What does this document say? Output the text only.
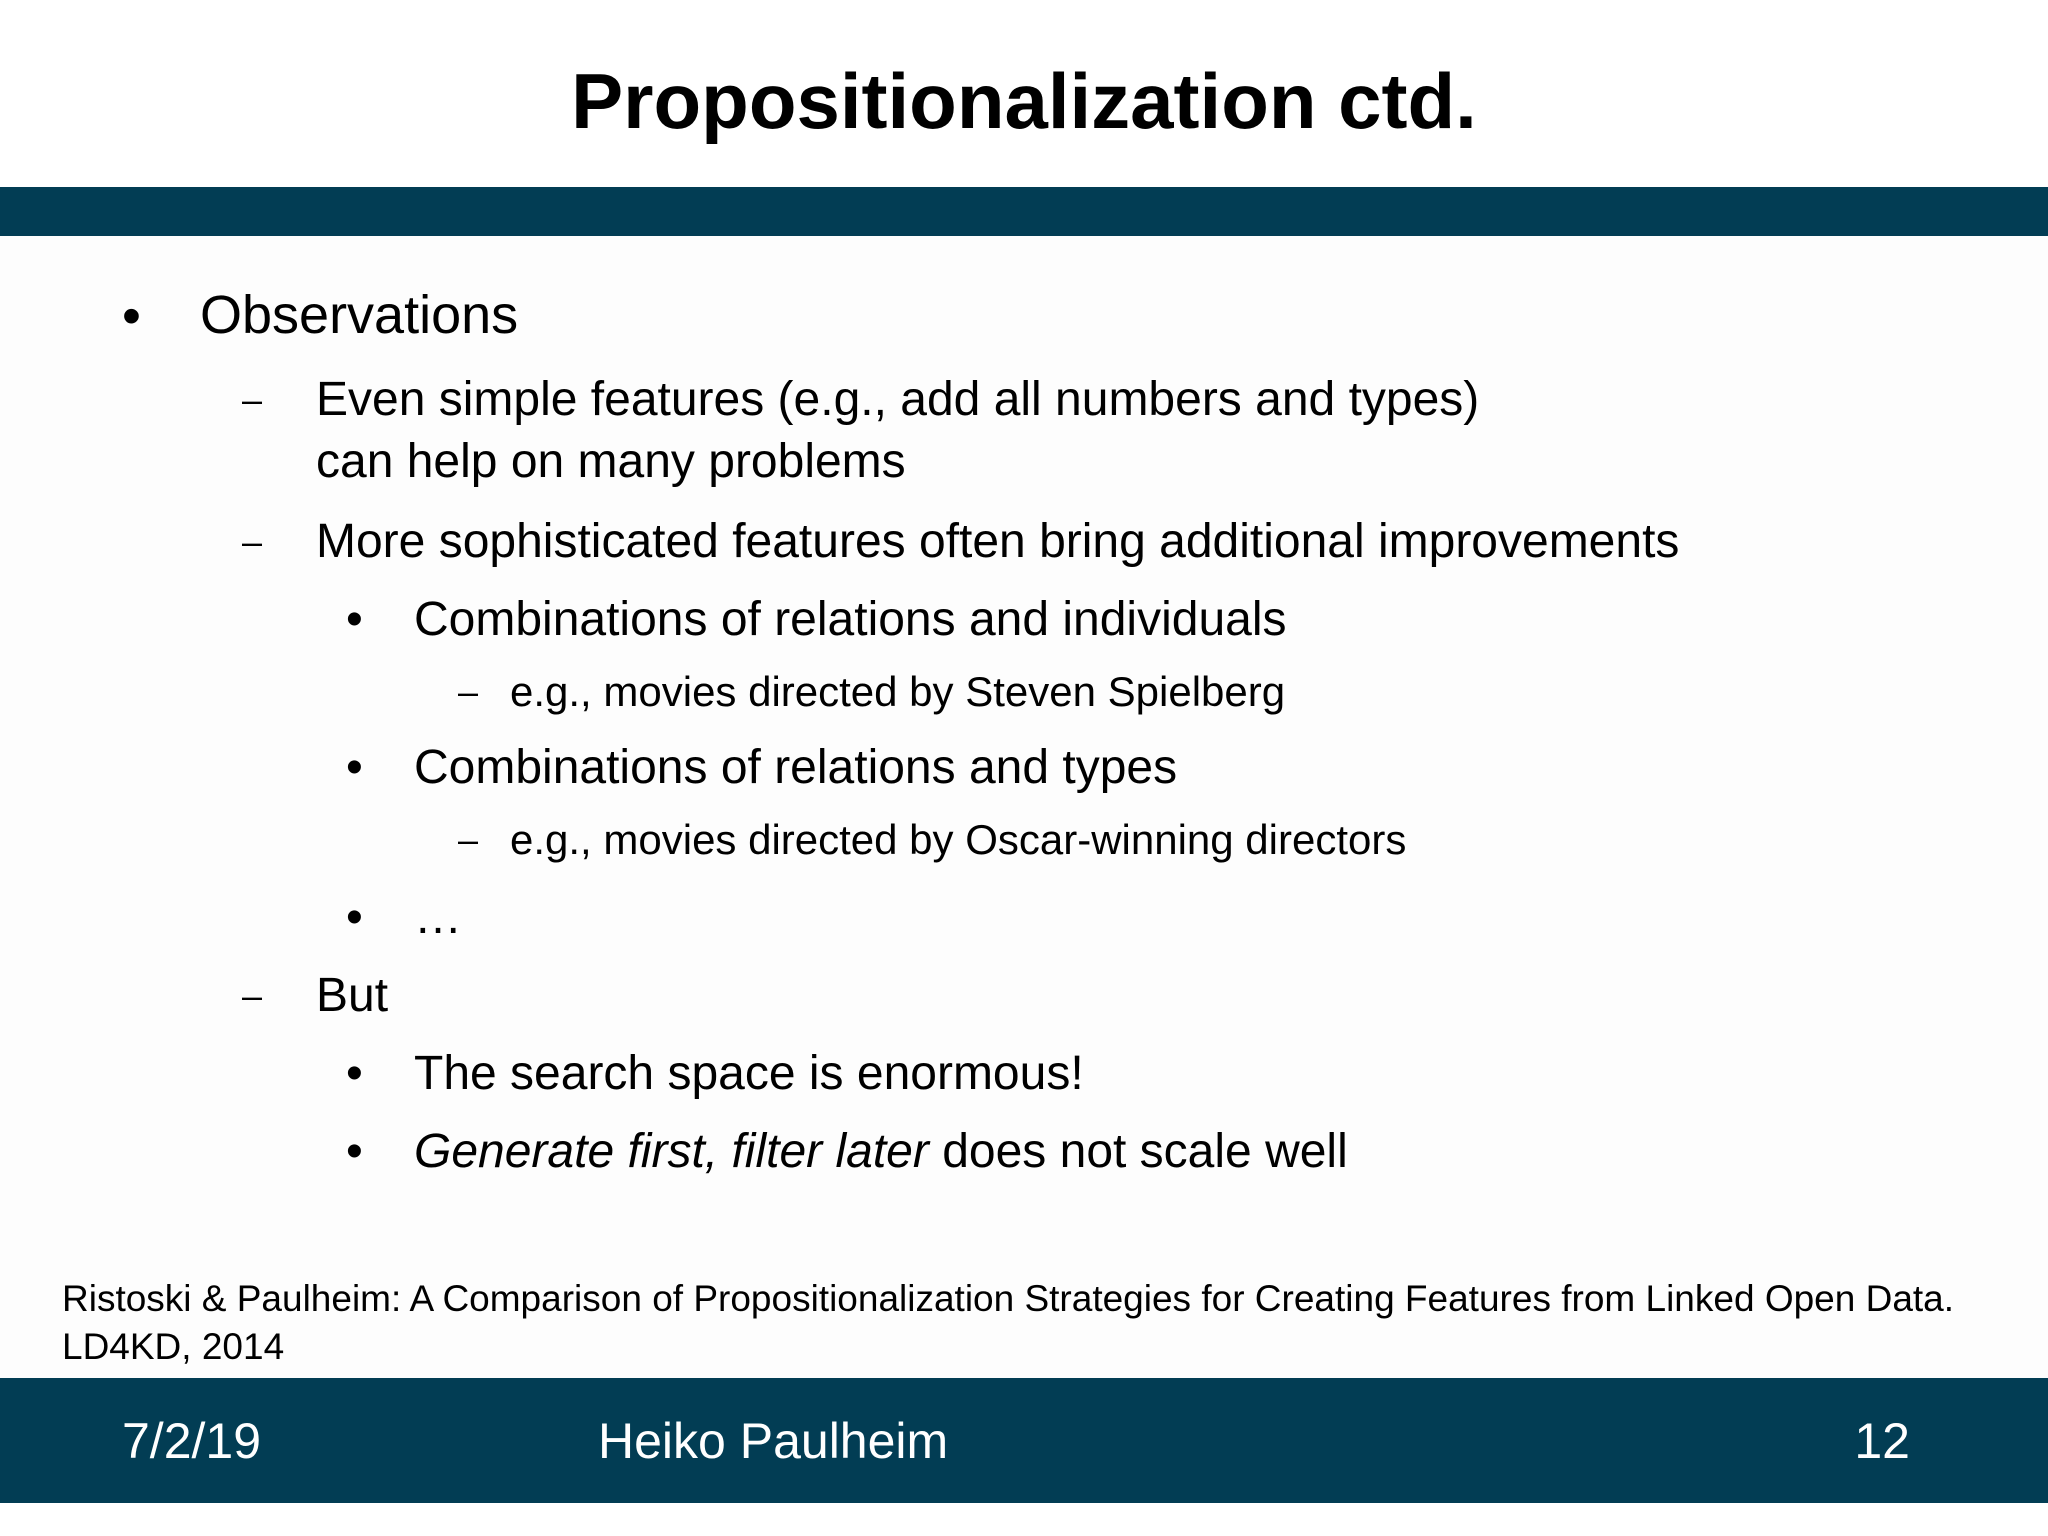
Propositionalization ctd.
• Observations
– Even simple features (e.g., add all numbers and types)
can help on many problems
– More sophisticated features often bring additional improvements
• Combinations of relations and individuals
– e.g., movies directed by Steven Spielberg
• Combinations of relations and types
– e.g., movies directed by Oscar-winning directors
• …
– But
• The search space is enormous!
• Generate first, filter later does not scale well
Ristoski & Paulheim: A Comparison of Propositionalization Strategies for Creating Features from Linked Open Data. LD4KD, 2014
7/2/19	Heiko Paulheim	12
